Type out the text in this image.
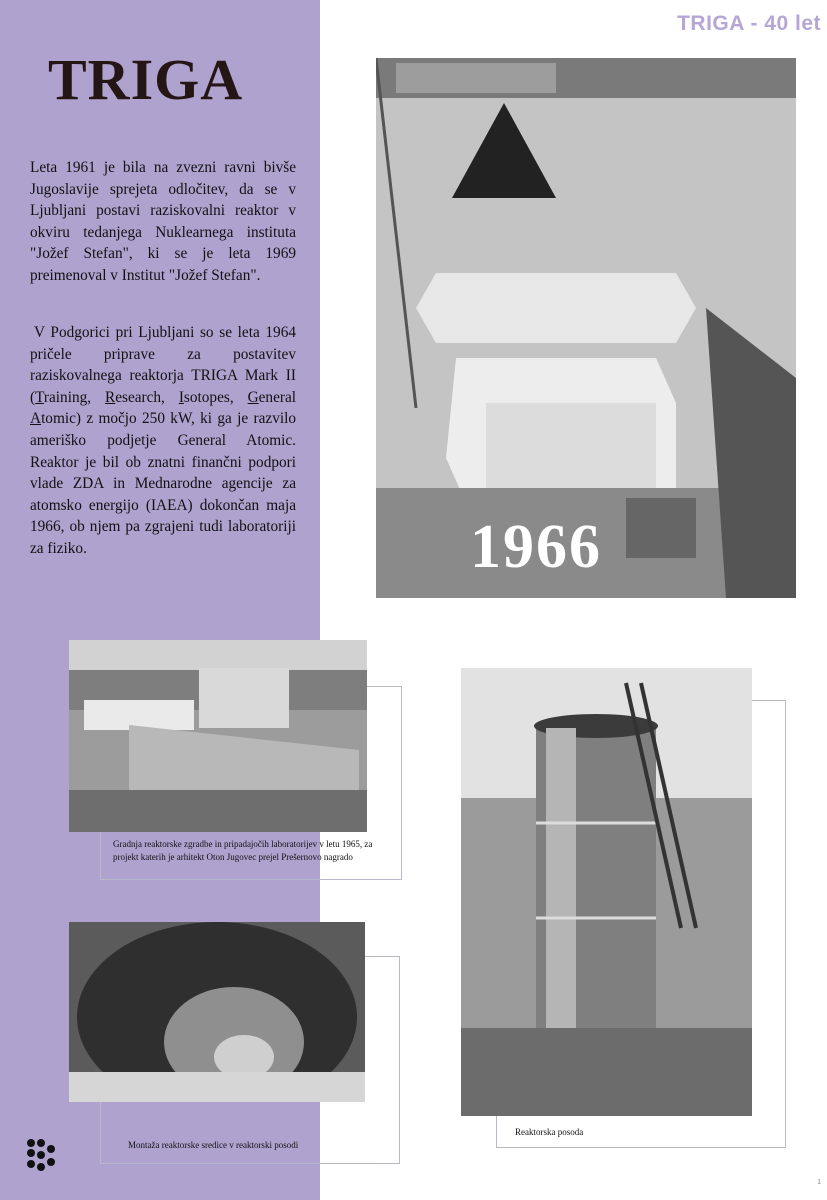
TRIGA - 40 let
TRIGA

Leta 1961 je bila na zvezni ravni bivše Jugoslavije sprejeta odločitev, da se v Ljubljani postavi raziskovalni reaktor v okviru tedanjega Nuklearnega instituta "Jožef Stefan", ki se je leta 1969 preimenoval v Institut "Jožef Stefan".

V Podgorici pri Ljubljani so se leta 1964 pričele priprave za postavitev raziskovalnega reaktorja TRIGA Mark II (Training, Research, Isotopes, General Atomic) z močjo 250 kW, ki ga je razvilo ameriško podjetje General Atomic. Reaktor je bil ob znatni finančni podpori vlade ZDA in Mednarodne agencije za atomsko energijo (IAEA) dokončan maja 1966, ob njem pa zgrajeni tudi laboratoriji za fiziko.	1966

Gradnja reaktorske zgradbe in pripadajočih laboratorijev v letu 1965, za projekt katerih je arhitekt Oton Jugovec prejel Prešernovo nagrado

Montaža reaktorske sredice v reaktorski posodi

Reaktorska posoda

1
